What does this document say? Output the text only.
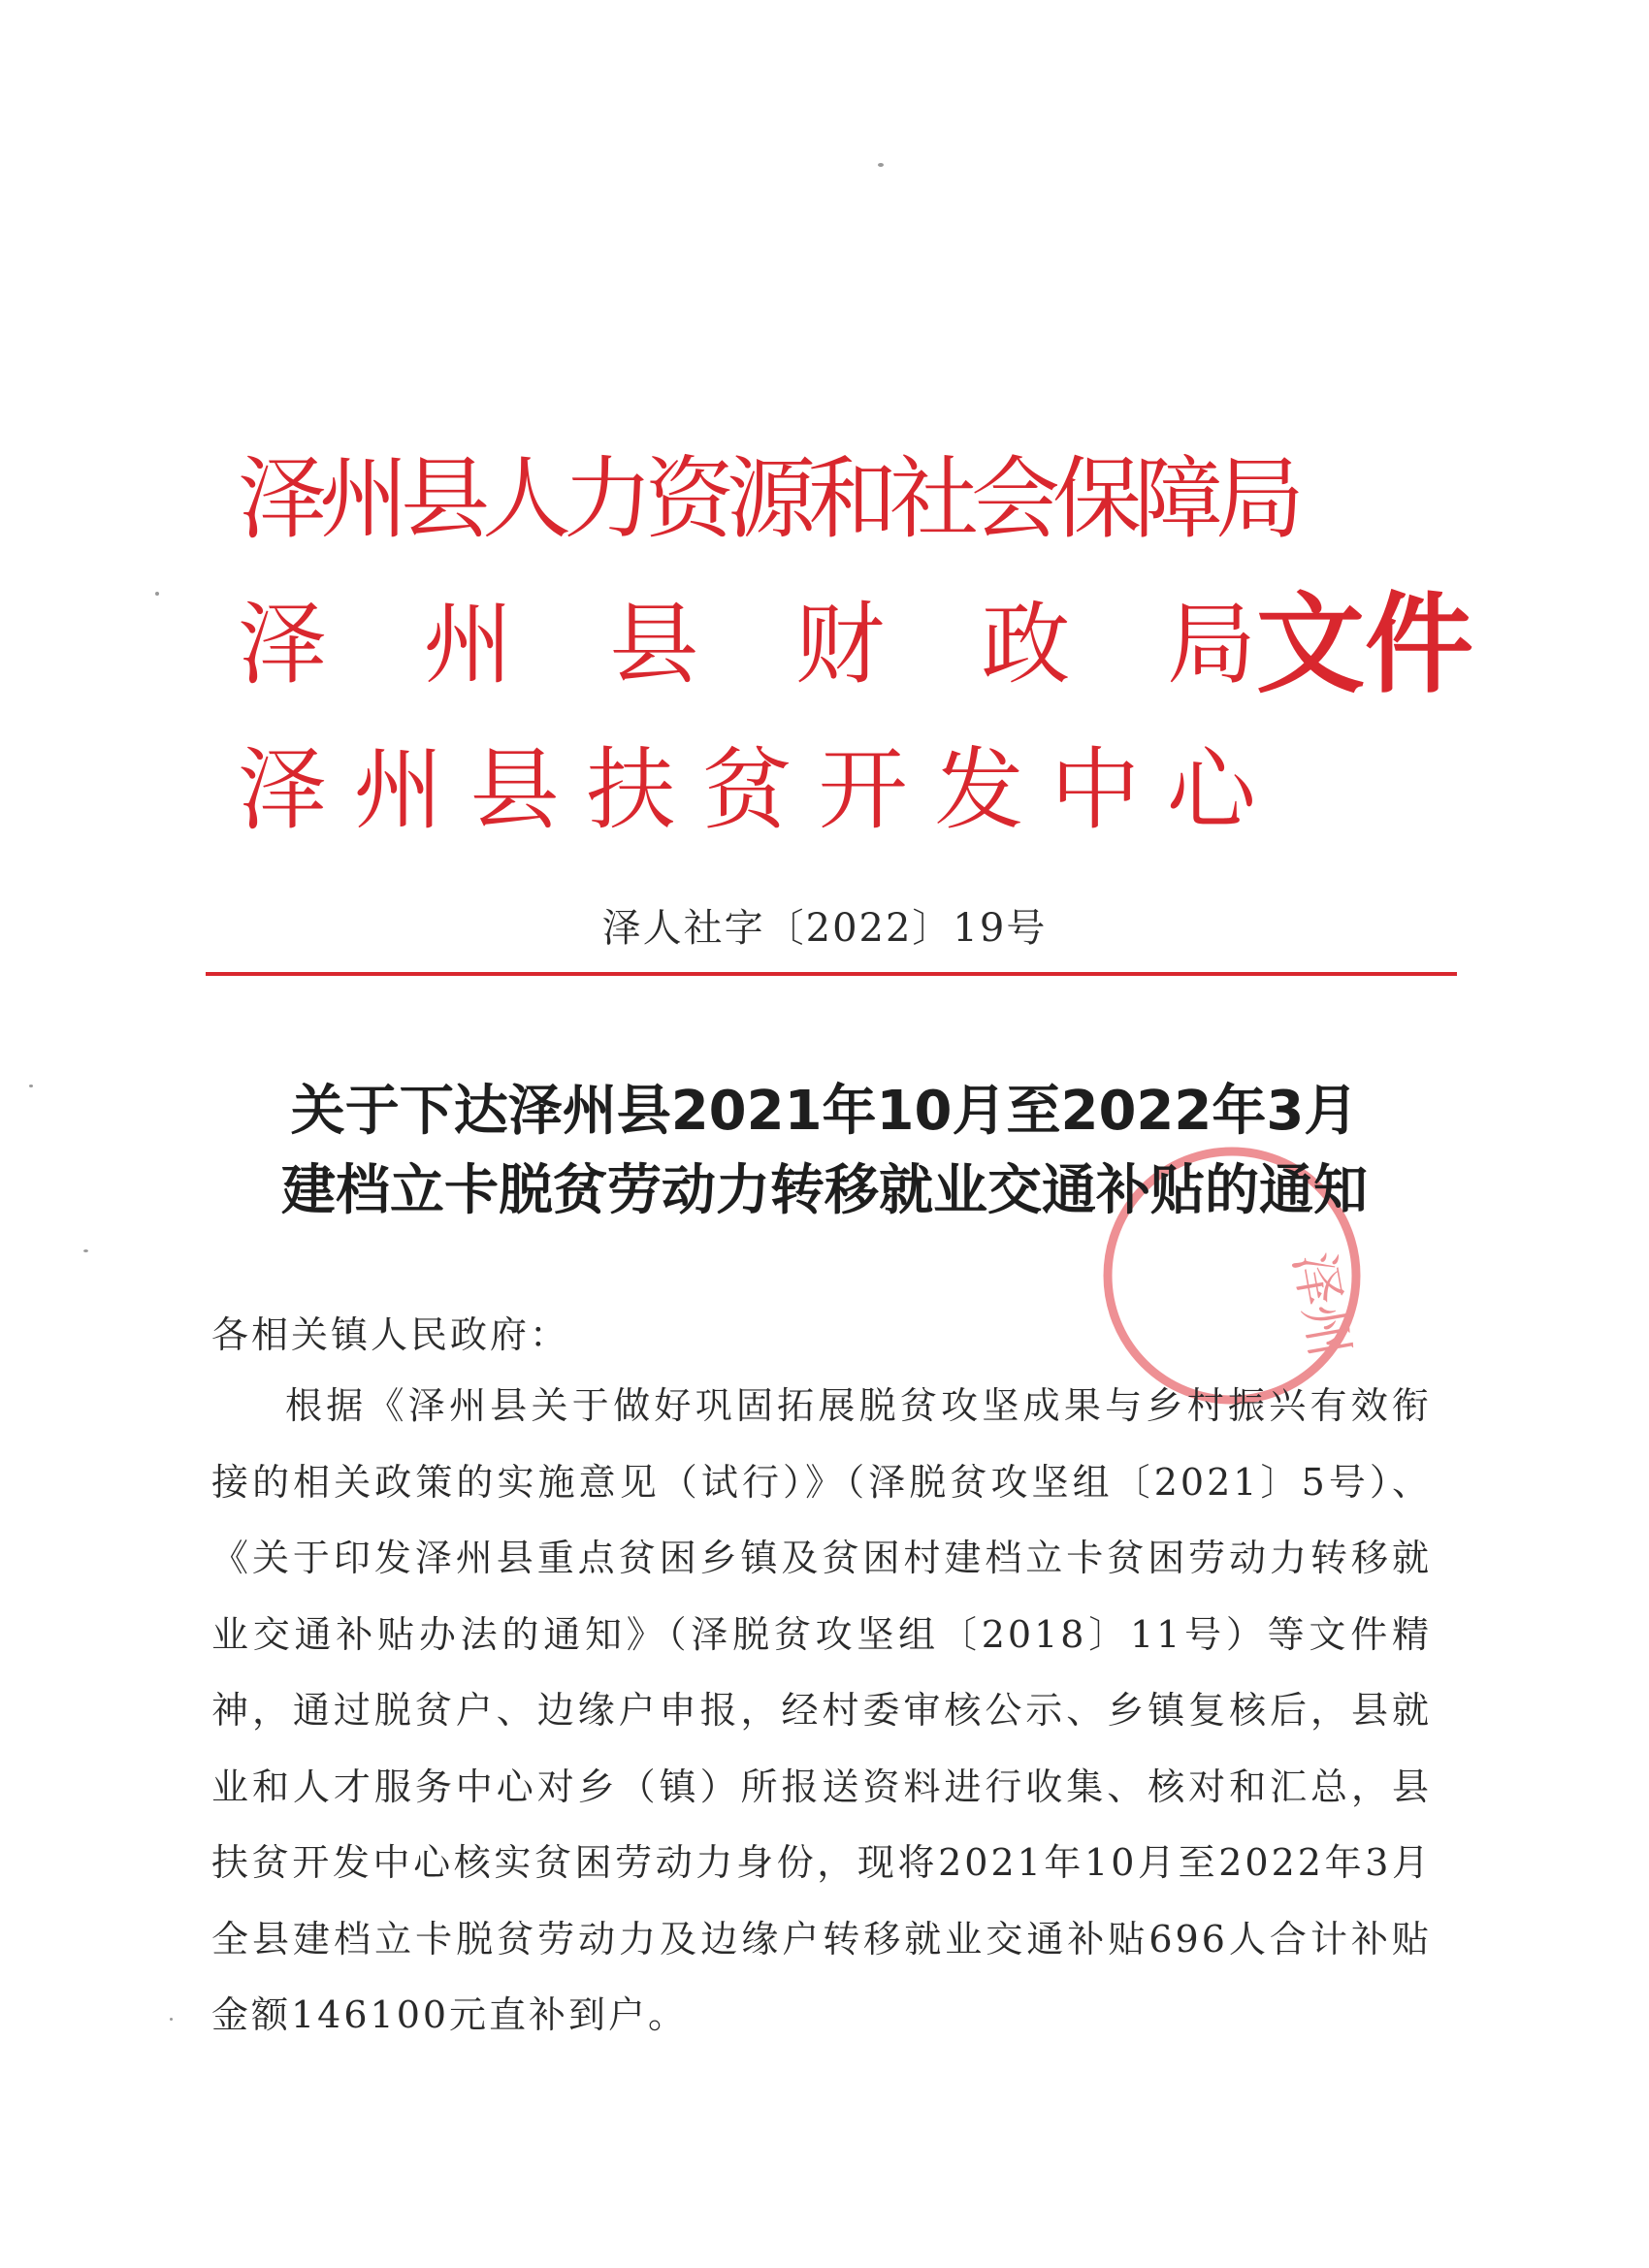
泽州县人力资源和社会保障局
泽 州 县 财 政 局
泽 州 县 扶 贫 开 发 中 心
文件
泽人社字〔2022〕19号
泽州
关于下达泽州县2021年10月至2022年3月
建档立卡脱贫劳动力转移就业交通补贴的通知
各相关镇人民政府：
根据《泽州县关于做好巩固拓展脱贫攻坚成果与乡村振兴有效衔接的相关政策的实施意见（试行）》（泽脱贫攻坚组〔2021〕5号）、《关于印发泽州县重点贫困乡镇及贫困村建档立卡贫困劳动力转移就业交通补贴办法的通知》（泽脱贫攻坚组〔2018〕11号）等文件精神，通过脱贫户、边缘户申报，经村委审核公示、乡镇复核后，县就业和人才服务中心对乡（镇）所报送资料进行收集、核对和汇总，县扶贫开发中心核实贫困劳动力身份，现将2021年10月至2022年3月全县建档立卡脱贫劳动力及边缘户转移就业交通补贴696人合计补贴金额146100元直补到户。
